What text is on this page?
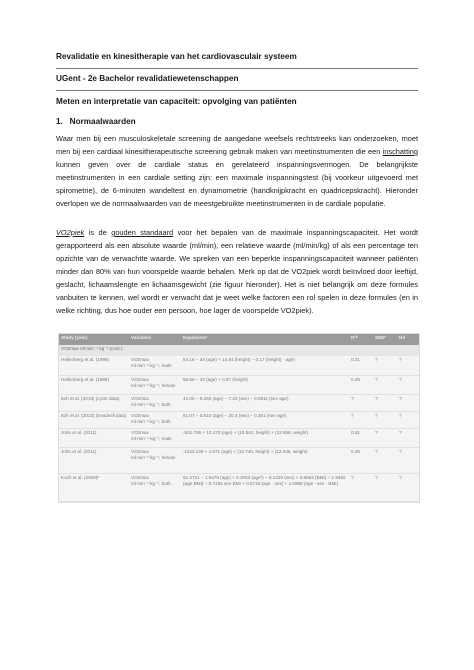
Revalidatie en kinesitherapie van het cardiovasculair systeem
UGent - 2e Bachelor revalidatiewetenschappen
Meten en interpretatie van capaciteit: opvolging van patiënten
1.   Normaalwaarden

Waar men bij een musculoskeletale screening de aangedane weefsels rechtstreeks kan onderzoeken, moet men bij een cardiaal kinesitherapeutische screening gebruik maken van meetinstrumenten die een inschatting kunnen geven over de cardiale status en gerelateerd inspanningsvermogen. De belangrijkste meetinstrumenten in een cardiale setting zijn: een maximale inspanningstest (bij voorkeur uitgevoerd met spirometrie), de 6-minuten wandeltest en dynamometrie (handknijpkracht en quadricepskracht). Hieronder overlopen we de normaalwaarden van de meestgebruikte meetinstrumenten in de cardiale populatie.

VO2piek is de gouden standaard voor het bepalen van de maximale inspanningscapaciteit. Het wordt gerapporteerd als een absolute waarde (ml/min), een relatieve waarde (ml/min/kg) of als een percentage ten opzichte van de verwachtte waarde. We spreken van een beperkte inspanningscapaciteit wanneer patiënten minder dan 80% van hun voorspelde waarde behalen. Merk op dat de VO2piek wordt beïnvloed door leeftijd, geslacht, lichaamslengte en lichaamsgewicht (zie figuur hieronder). Het is niet belangrijk om deze formules vanbuiten te kennen, wel wordt er verwacht dat je weet welke factoren een rol spelen in deze formules (en in welke richting, dus hoe ouder een persoon, hoe lager de voorspelde VO2piek).

Study (year)	Variables	Equationsᵃ	R²ᵇ	SEEᶜ	Nd
VO2max ml·min⁻¹·kg⁻¹ (cont.)					
Hellenberg et al. (1998)	VO2max ml·min⁻¹·kg⁻¹, male	54.18 − 34 (age) + 14.54 (height) − 0.17 (height) · age)	0.31	?	?
Hellenberg et al. (1998)	VO2max ml·min⁻¹·kg⁻¹, female	58.68 − 43 (age) + 0.97 (height)	0.29	?	?
Itoh et al. (2013) (cycle data)	VO2max ml·min⁻¹·kg⁻¹, both	42.05 − 0.266 (age) − 7.22 (sex) − 0.0811 (sex·age)	?	?	?
Itoh et al. (2013) (treadmill data)	VO2max ml·min⁻¹·kg⁻¹, both	61.07 − 0.510 (age) − 20.4 (sex) − 0.301 (sex·age)	?	?	?
John et al. (2011)	VO2max ml·min⁻¹·kg⁻¹, male	-531.795 + 13.470 (age) + (10.542, height) + (12.558, weight)	0.51	?	?
John et al. (2011)	VO2max ml·min⁻¹·kg⁻¹, female	-1144.126 + 1.871 (age) + (12.740, height) + (12.436, weight)	0.46	?	?
Koch et al. (2009)ᵉ	VO2max ml·min⁻¹·kg⁻¹, both	61.3721 − 1.9479 (age) + 0.3053 (age²) − 6.1229 (sex) + 3.8692 (BMI) − 1.9482 (age·BMI) − 6.7455 sex·BMI + 0.0718 (age · sex) + 1.6969 (age · sex · BMI)	?	?	?
